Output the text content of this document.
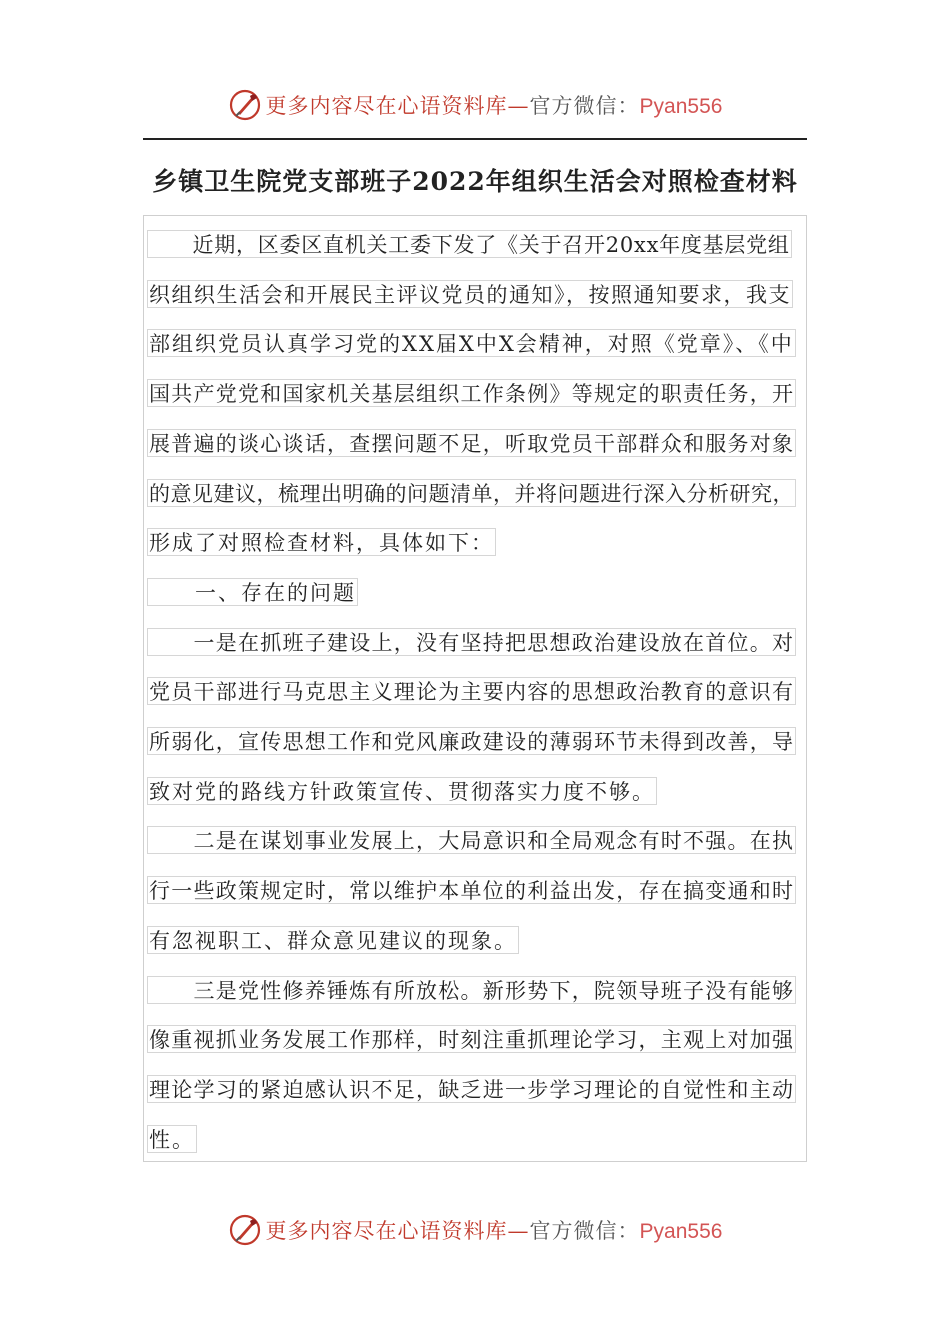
更多内容尽在心语资料库—官方微信：Pyan556
乡镇卫生院党支部班子2022年组织生活会对照检查材料
　　近期，区委区直机关工委下发了《关于召开20xx年度基层党组
织组织生活会和开展民主评议党员的通知》，按照通知要求，我支
部组织党员认真学习党的XX届X中X会精神，对照《党章》、《中
国共产党党和国家机关基层组织工作条例》等规定的职责任务，开
展普遍的谈心谈话，查摆问题不足，听取党员干部群众和服务对象
的意见建议，梳理出明确的问题清单，并将问题进行深入分析研究，
形成了对照检查材料，具体如下：
　　一、存在的问题
　　一是在抓班子建设上，没有坚持把思想政治建设放在首位。对
党员干部进行马克思主义理论为主要内容的思想政治教育的意识有
所弱化，宣传思想工作和党风廉政建设的薄弱环节未得到改善，导
致对党的路线方针政策宣传、贯彻落实力度不够。
　　二是在谋划事业发展上，大局意识和全局观念有时不强。在执
行一些政策规定时，常以维护本单位的利益出发，存在搞变通和时
有忽视职工、群众意见建议的现象。
　　三是党性修养锤炼有所放松。新形势下，院领导班子没有能够
像重视抓业务发展工作那样，时刻注重抓理论学习，主观上对加强
理论学习的紧迫感认识不足，缺乏进一步学习理论的自觉性和主动
性。
更多内容尽在心语资料库—官方微信：Pyan556
